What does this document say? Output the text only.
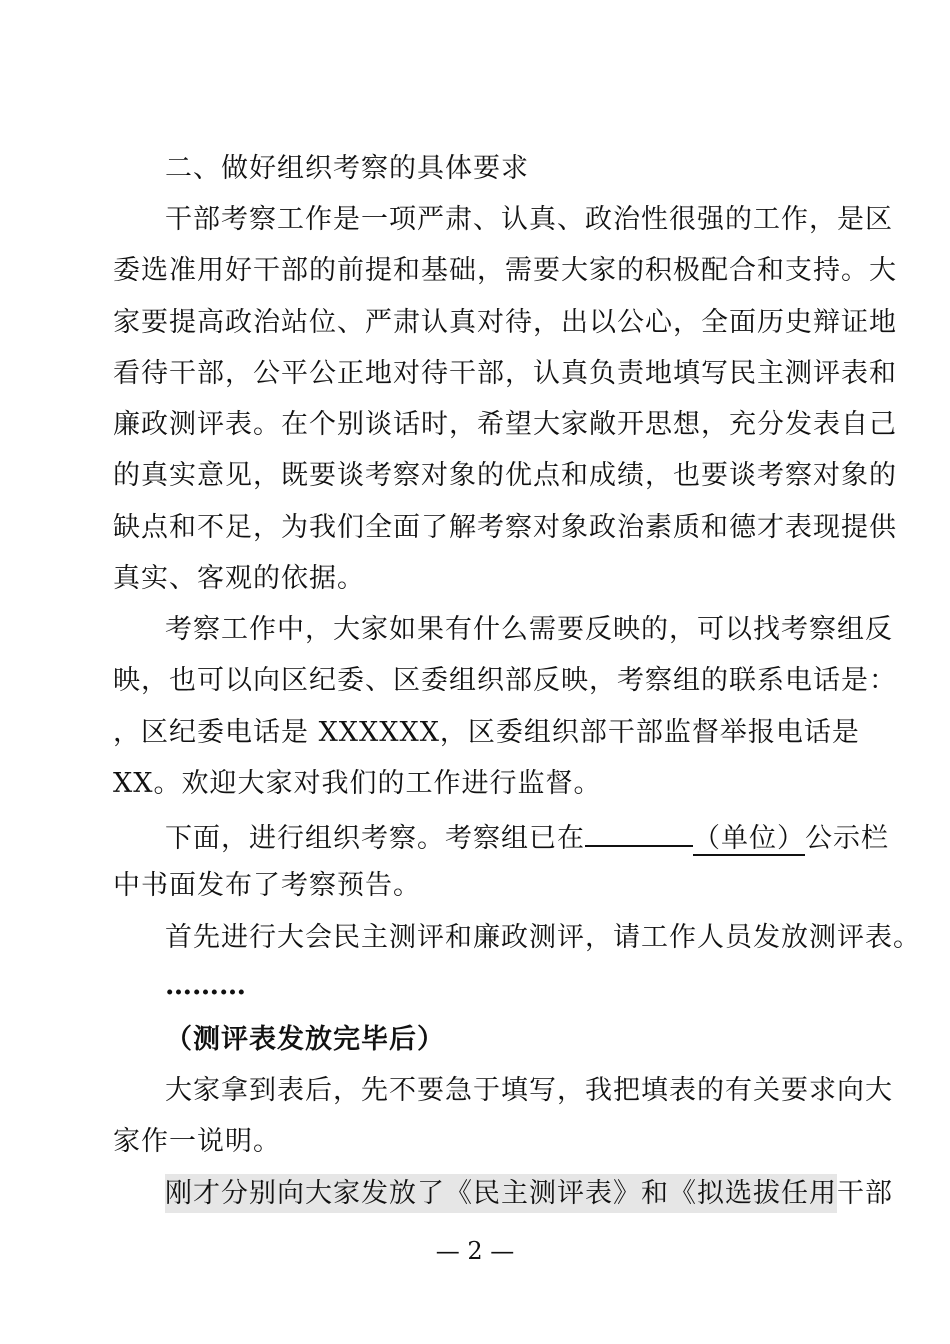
二、做好组织考察的具体要求
干部考察工作是一项严肃、认真、政治性很强的工作，是区
委选准用好干部的前提和基础，需要大家的积极配合和支持。大
家要提高政治站位、严肃认真对待，出以公心，全面历史辩证地
看待干部，公平公正地对待干部，认真负责地填写民主测评表和
廉政测评表。在个别谈话时，希望大家敞开思想，充分发表自己
的真实意见，既要谈考察对象的优点和成绩，也要谈考察对象的
缺点和不足，为我们全面了解考察对象政治素质和德才表现提供
真实、客观的依据。
考察工作中，大家如果有什么需要反映的，可以找考察组反
映，也可以向区纪委、区委组织部反映，考察组的联系电话是：
，区纪委电话是 XXXXXX，区委组织部干部监督举报电话是
XX。欢迎大家对我们的工作进行监督。
下面，进行组织考察。考察组已在	（单位）公示栏
中书面发布了考察预告。
首先进行大会民主测评和廉政测评，请工作人员发放测评表。
………
（测评表发放完毕后）
大家拿到表后，先不要急于填写，我把填表的有关要求向大
家作一说明。
刚才分别向大家发放了《民主测评表》和《拟选拔任用干部
— 2 —
